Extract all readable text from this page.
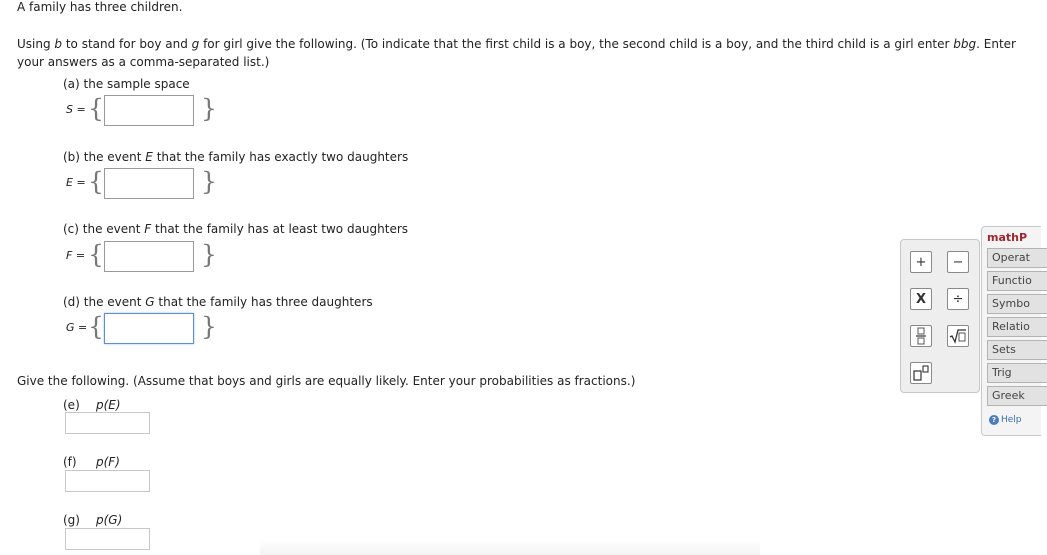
A family has three children.
Using b to stand for boy and g for girl give the following. (To indicate that the first child is a boy, the second child is a boy, and the third child is a girl enter bbg. Enter your answers as a comma-separated list.)
(a) the sample space
S = {	}
(b) the event E that the family has exactly two daughters
E = {	}
(c) the event F that the family has at least two daughters
F = {	}
(d) the event G that the family has three daughters
G = {	}
Give the following. (Assume that boys and girls are equally likely. Enter your probabilities as fractions.)
(e) p(E)
(f) p(F)
(g) p(G)
+	−
X	÷
mathP
Operat
Functio
Symbo
Relatio
Sets
Trig
Greek
? Help
